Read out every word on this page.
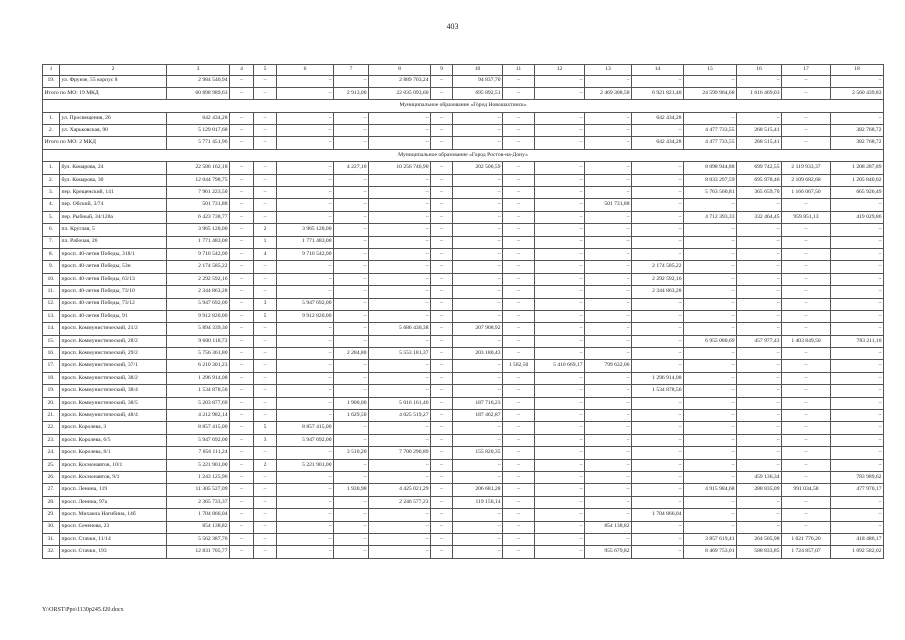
403
1	2	3	4	5	6	7	8	9	10	11	12	13	14	15	16	17	18
19.	ул. Фрунзе, 55 корпус 8	2 984 540,94	–	–	–	–	2 889 703,24	–	94 837,70	–	–	–	–	–	–	–	–
Итого по МО: 19 МКД		60 898 989,63	–	–	–	2 913,00	22 035 093,60	–	695 892,51	–	–	2 469 308,58	6 921 821,40	24 599 964,68	1 616 469,03	–	2 560 439,83
Муниципальное образование «Город Новошахтинск»																	
1.	ул. Просвещения, 26	642 434,28	–	–	–	–	–	–	–	–	–	–	642 434,28	–	–	–	–
2.	ул. Харьковская, 90	5 129 017,68	–	–	–	–	–	–	–	–	–	–	–	4 477 733,55	268 515,41	–	382 768,72
Итого по МО: 2 МКД		5 771 451,96	–	–	–	–	–	–	–	–	–	–	642 434,28	4 477 733,55	268 515,41	–	382 768,72
Муниципальное образование «Город Ростов-на-Дону»																	
1.	бул. Комарова, 24	22 586 162,18	–	–	–	4 227,10	10 256 746,90	–	202 506,59	–	–	–	–	8 098 944,88	699 742,55	2 119 933,37	1 208 287,89
2.	бул. Комарова, 30	12 044 798,75	–	–	–	–	–	–	–	–	–	–	–	8 033 297,59	695 978,46	2 109 682,68	1 205 840,02
3.	пер. Крещенский, 141	7 961 223,50	–	–	–	–	–	–	–	–	–	–	–	5 763 560,81	365 659,70	1 166 067,50	665 926,49
4.	пер. Обский, 3/74	501 731,88	–	–	–	–	–	–	–	–	–	501 731,88	–	–	–	–	–
5.	пер. Рыбный, 34/128а	6 423 738,77	–	–	–	–	–	–	–	–	–	–	–	4 712 393,33	332 464,45	959 851,13	419 029,86
6.	пл. Круглая, 5	3 965 128,00	–	2	3 965 128,00	–	–	–	–	–	–	–	–	–	–	–	–
7.	пл. Рабочая, 26	1 771 483,00	–	1	1 771 483,00	–	–	–	–	–	–	–	–	–	–	–	–
8.	просп. 40-летия Победы, 318/1	9 710 542,00	–	4	9 710 542,00	–	–	–	–	–	–	–	–	–	–	–	–
9.	просп. 40-летия Победы, 53н	2 174 585,22	–	–	–	–	–	–	–	–	–	–	2 174 585,22	–	–	–	–
10.	просп. 40-летия Победы, 63/13	2 292 592,16	–	–	–	–	–	–	–	–	–	–	2 292 592,16	–	–	–	–
11.	просп. 40-летия Победы, 73/10	2 344 863,28	–	–	–	–	–	–	–	–	–	–	2 344 863,28	–	–	–	–
12.	просп. 40-летия Победы, 73/12	5 947 692,00	–	3	5 947 692,00	–	–	–	–	–	–	–	–	–	–	–	–
13.	просп. 40-летия Победы, 91	9 912 820,00	–	5	9 912 820,00	–	–	–	–	–	–	–	–	–	–	–	–
14.	просп. Коммунистический, 21/2	5 894 339,30	–	–	–	–	5 686 430,38	–	207 908,92	–	–	–	–	–	–	–	–
15.	просп. Коммунистический, 28/2	9 600 118,72	–	–	–	–	–	–	–	–	–	–	–	6 955 080,69	457 977,43	1 403 849,50	783 211,10
16.	просп. Коммунистический, 29/2	5 756 361,80	–	–	–	2 284,80	5 553 181,37	–	203 180,43	–	–	–	–	–	–	–	–
17.	просп. Коммунистический, 37/1	6 210 301,23	–	–	–	–	–	–	–	1 562,50	5 410 669,17	799 632,06	–	–	–	–	–
18.	просп. Коммунистический, 38/2	1 296 914,08	–	–	–	–	–	–	–	–	–	–	1 296 914,08	–	–	–	–
19.	просп. Коммунистический, 38/4	1 534 878,56	–	–	–	–	–	–	–	–	–	–	1 534 878,56	–	–	–	–
20.	просп. Коммунистический, 38/5	5 203 877,69	–	–	–	1 900,00	5 016 161,46	–	187 716,23	–	–	–	–	–	–	–	–
21.	просп. Коммунистический, 48/4	4 212 982,14	–	–	–	1 629,50	4 025 519,27	–	187 462,87	–	–	–	–	–	–	–	–
22.	просп. Королева, 3	8 857 415,00	–	5	8 857 415,00	–	–	–	–	–	–	–	–	–	–	–	–
23.	просп. Королева, 6/5	5 947 692,00	–	3	5 947 692,00	–	–	–	–	–	–	–	–	–	–	–	–
24.	просп. Королева, 8/1	7 856 111,24	–	–	–	3 510,20	7 700 290,89	–	155 820,35	–	–	–	–	–	–	–	–
25.	просп. Космонавтов, 10/1	5 221 901,00	–	2	5 221 901,00	–	–	–	–	–	–	–	–	–	–	–	–
26.	просп. Космонавтов, 9/1	1 243 125,96	–	–	–	–	–	–	–	–	–	–	–	–	459 136,34	–	783 989,62
27.	просп. Ленина, 119	11 305 527,09	–	–	–	1 930,98	4 425 021,29	–	206 681,28	–	–	–	–	4 915 984,68	288 835,09	991 034,58	477 970,17
28.	просп. Ленина, 97а	2 365 733,37	–	–	–	–	2 246 577,23	–	119 156,14	–	–	–	–	–	–	–	–
29.	просп. Михаила Нагибина, 14б	1 704 866,04	–	–	–	–	–	–	–	–	–	–	1 704 866,04	–	–	–	–
30.	просп. Сеченова, 23	854 138,82	–	–	–	–	–	–	–	–	–	854 138,82	–	–	–	–	–
31.	просп. Стачки, 11/14	5 562 387,76	–	–	–	–	–	–	–	–	–	–	–	3 857 619,41	264 505,98	1 021 776,20	418 486,17
32.	просп. Стачки, 193	12 831 705,77	–	–	–	–	–	–	–	–	–	955 679,82	–	8 469 753,01	588 833,85	1 724 857,07	1 092 582,02
Y:\ORST\Ppo\1130p245.f20.docx
